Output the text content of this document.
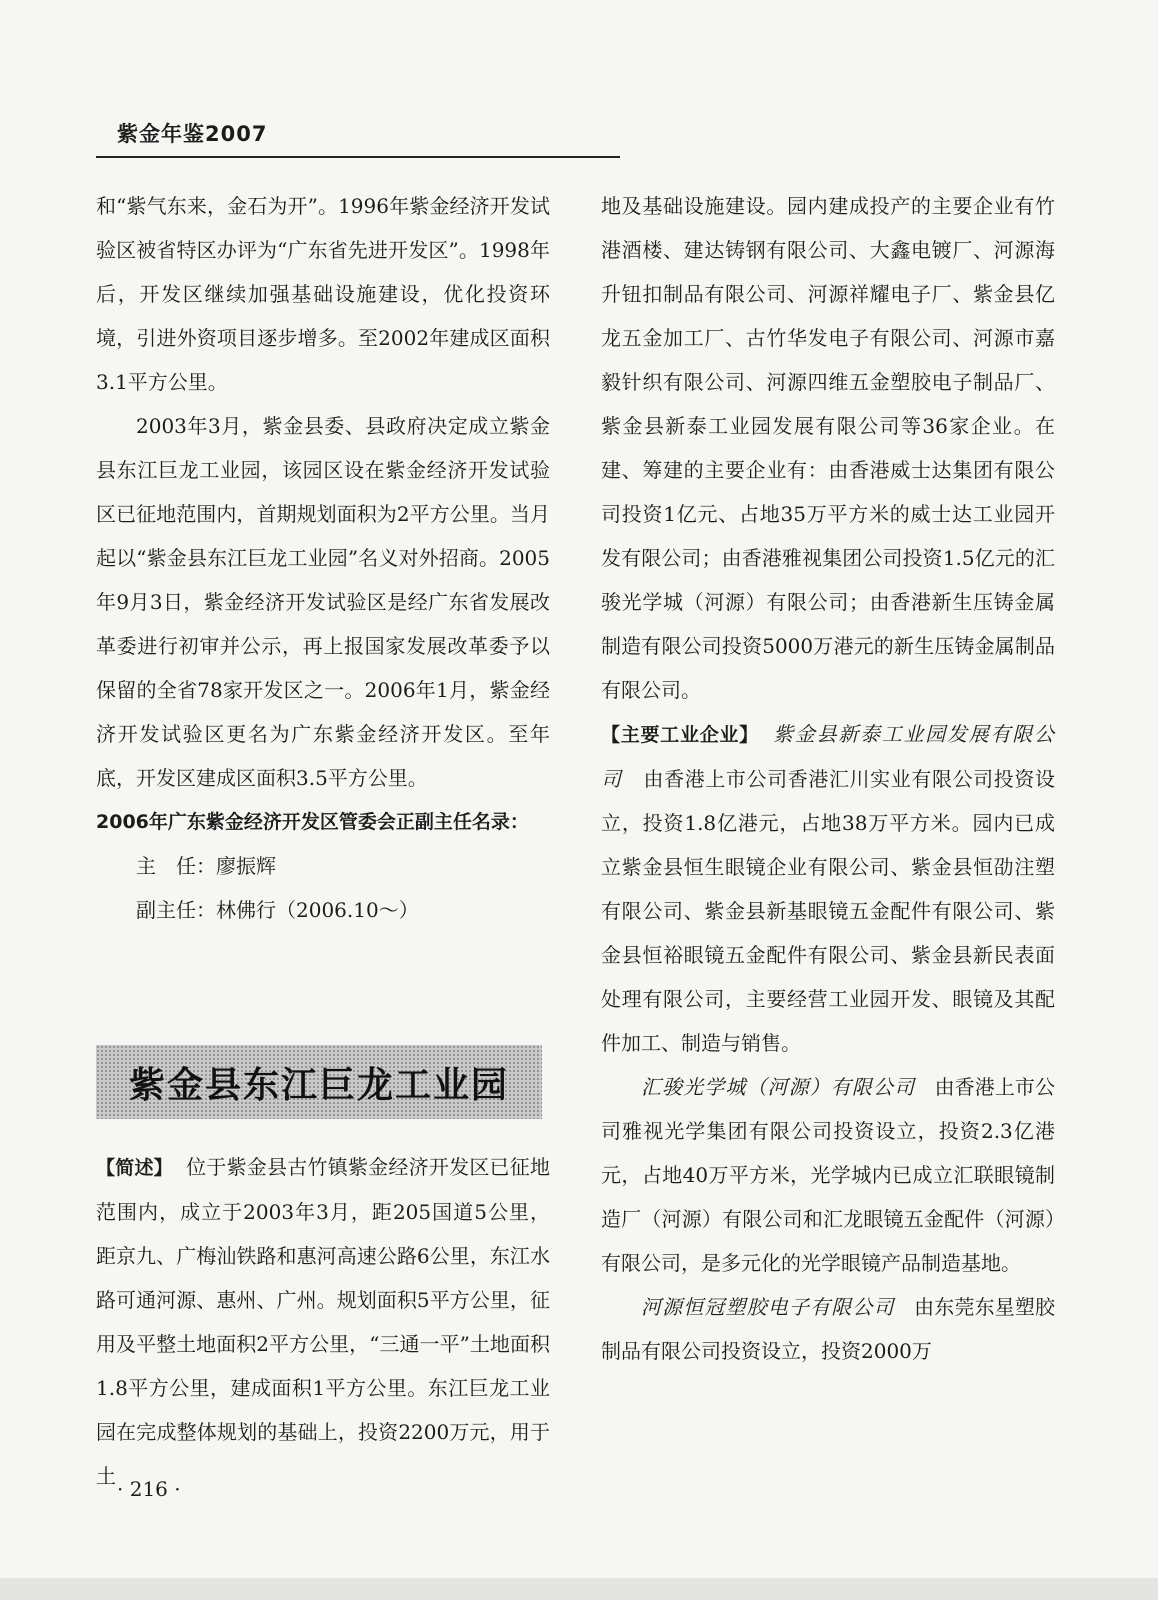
紫金年鉴2007

和“紫气东来，金石为开”。1996年紫金经济开发试验区被省特区办评为“广东省先进开发区”。1998年后，开发区继续加强基础设施建设，优化投资环境，引进外资项目逐步增多。至2002年建成区面积3.1平方公里。

2003年3月，紫金县委、县政府决定成立紫金县东江巨龙工业园，该园区设在紫金经济开发试验区已征地范围内，首期规划面积为2平方公里。当月起以“紫金县东江巨龙工业园”名义对外招商。2005年9月3日，紫金经济开发试验区是经广东省发展改革委进行初审并公示，再上报国家发展改革委予以保留的全省78家开发区之一。2006年1月，紫金经济开发试验区更名为广东紫金经济开发区。至年底，开发区建成区面积3.5平方公里。

2006年广东紫金经济开发区管委会正副主任名录：

主　任：廖振辉

副主任：林佛行（2006.10～）

紫金县东江巨龙工业园

【简述】 位于紫金县古竹镇紫金经济开发区已征地范围内，成立于2003年3月，距205国道5公里，距京九、广梅汕铁路和惠河高速公路6公里，东江水路可通河源、惠州、广州。规划面积5平方公里，征用及平整土地面积2平方公里，“三通一平”土地面积1.8平方公里，建成面积1平方公里。东江巨龙工业园在完成整体规划的基础上，投资2200万元，用于土

地及基础设施建设。园内建成投产的主要企业有竹港酒楼、建达铸钢有限公司、大鑫电镀厂、河源海升钮扣制品有限公司、河源祥耀电子厂、紫金县亿龙五金加工厂、古竹华发电子有限公司、河源市嘉毅针织有限公司、河源四维五金塑胶电子制品厂、紫金县新泰工业园发展有限公司等36家企业。在建、筹建的主要企业有：由香港威士达集团有限公司投资1亿元、占地35万平方米的威士达工业园开发有限公司；由香港雅视集团公司投资1.5亿元的汇骏光学城（河源）有限公司；由香港新生压铸金属制造有限公司投资5000万港元的新生压铸金属制品有限公司。

【主要工业企业】 紫金县新泰工业园发展有限公司 由香港上市公司香港汇川实业有限公司投资设立，投资1.8亿港元，占地38万平方米。园内已成立紫金县恒生眼镜企业有限公司、紫金县恒劭注塑有限公司、紫金县新基眼镜五金配件有限公司、紫金县恒裕眼镜五金配件有限公司、紫金县新民表面处理有限公司，主要经营工业园开发、眼镜及其配件加工、制造与销售。

汇骏光学城（河源）有限公司 由香港上市公司雅视光学集团有限公司投资设立，投资2.3亿港元，占地40万平方米，光学城内已成立汇联眼镜制造厂（河源）有限公司和汇龙眼镜五金配件（河源）有限公司，是多元化的光学眼镜产品制造基地。

河源恒冠塑胶电子有限公司 由东莞东星塑胶制品有限公司投资设立，投资2000万

· 216 ·
